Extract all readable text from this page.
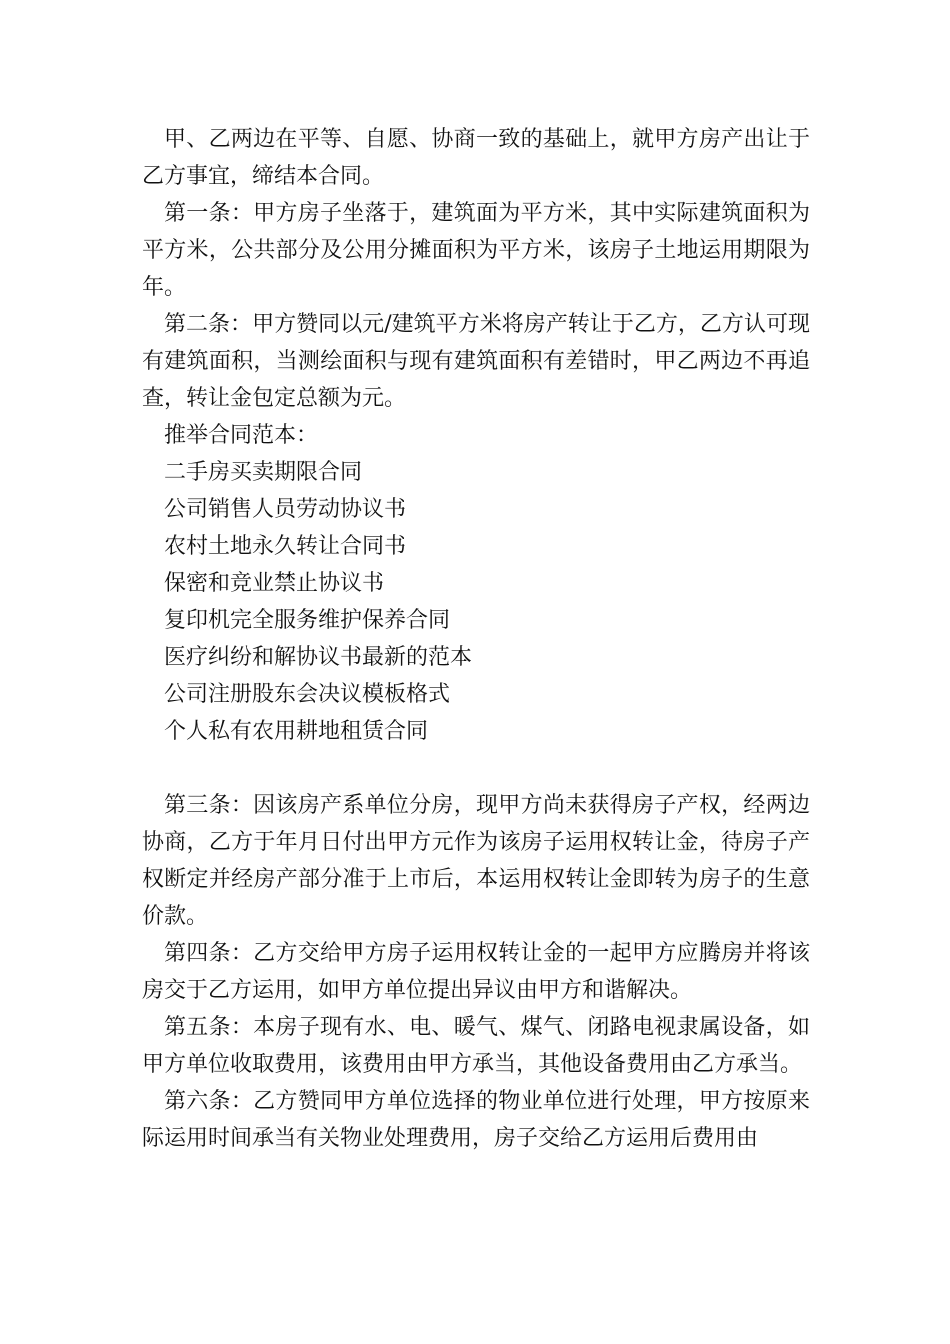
甲、乙两边在平等、自愿、协商一致的基础上，就甲方房产出让于乙方事宜，缔结本合同。

第一条：甲方房子坐落于，建筑面为平方米，其中实际建筑面积为平方米，公共部分及公用分摊面积为平方米，该房子土地运用期限为年。

第二条：甲方赞同以元/建筑平方米将房产转让于乙方，乙方认可现有建筑面积，当测绘面积与现有建筑面积有差错时，甲乙两边不再追查，转让金包定总额为元。

推举合同范本：
二手房买卖期限合同
公司销售人员劳动协议书
农村土地永久转让合同书
保密和竞业禁止协议书
复印机完全服务维护保养合同
医疗纠纷和解协议书最新的范本
公司注册股东会决议模板格式
个人私有农用耕地租赁合同

第三条：因该房产系单位分房，现甲方尚未获得房子产权，经两边协商，乙方于年月日付出甲方元作为该房子运用权转让金，待房子产权断定并经房产部分准于上市后，本运用权转让金即转为房子的生意价款。

第四条：乙方交给甲方房子运用权转让金的一起甲方应腾房并将该房交于乙方运用，如甲方单位提出异议由甲方和谐解决。

第五条：本房子现有水、电、暖气、煤气、闭路电视隶属设备，如甲方单位收取费用，该费用由甲方承当，其他设备费用由乙方承当。

第六条：乙方赞同甲方单位选择的物业单位进行处理，甲方按原来际运用时间承当有关物业处理费用，房子交给乙方运用后费用由
